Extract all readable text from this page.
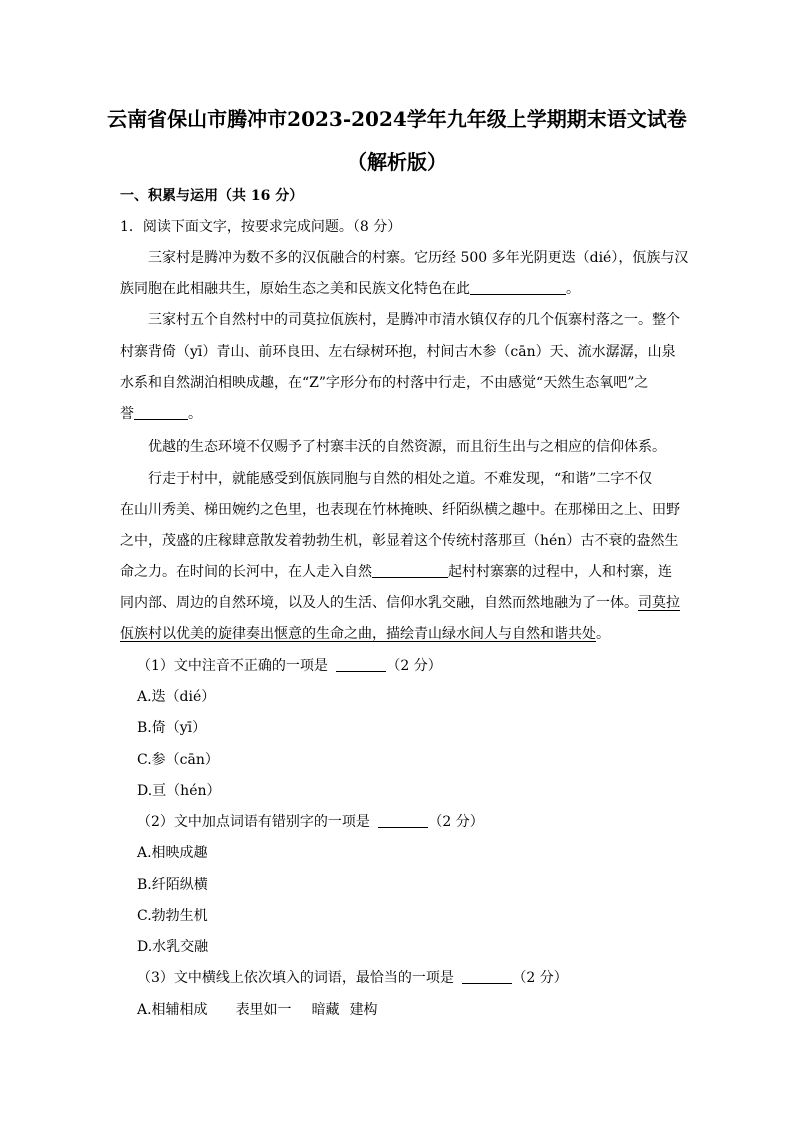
云南省保山市腾冲市2023-2024学年九年级上学期期末语文试卷
（解析版）
一、积累与运用（共 16 分）
1．阅读下面文字，按要求完成问题。（8 分）
三家村是腾冲为数不多的汉佤融合的村寨。它历经 500 多年光阴更迭（dié），佤族与汉
族同胞在此相融共生，原始生态之美和民族文化特色在此	。
三家村五个自然村中的司莫拉佤族村，是腾冲市清水镇仅存的几个佤寨村落之一。整个
村寨背倚（yī）青山、前环良田、左右绿树环抱，村间古木参（cān）天、流水潺潺，山泉
水系和自然湖泊相映成趣，在“Z”字形分布的村落中行走，不由感觉“天然生态氧吧”之
誉	。
优越的生态环境不仅赐予了村寨丰沃的自然资源，而且衍生出与之相应的信仰体系。
行走于村中，就能感受到佤族同胞与自然的相处之道。不难发现，“和谐”二字不仅
在山川秀美、梯田婉约之色里，也表现在竹林掩映、纤陌纵横之趣中。在那梯田之上、田野
之中，茂盛的庄稼肆意散发着勃勃生机，彰显着这个传统村落那亘（hén）古不衰的盎然生
命之力。在时间的长河中，在人走入自然	起村村寨寨的过程中，人和村寨，连
同内部、周边的自然环境，以及人的生活、信仰水乳交融，自然而然地融为了一体。司莫拉
佤族村以优美的旋律奏出惬意的生命之曲，描绘青山绿水间人与自然和谐共处。
（1）文中注音不正确的一项是	（2 分）
A.迭（dié）
B.倚（yī）
C.参（cān）
D.亘（hén）
（2）文中加点词语有错别字的一项是	（2 分）
A.相映成趣
B.纤陌纵横
C.勃勃生机
D.水乳交融
（3）文中横线上依次填入的词语，最恰当的一项是	（2 分）
A.相辅相成 表里如一 暗藏 建构
